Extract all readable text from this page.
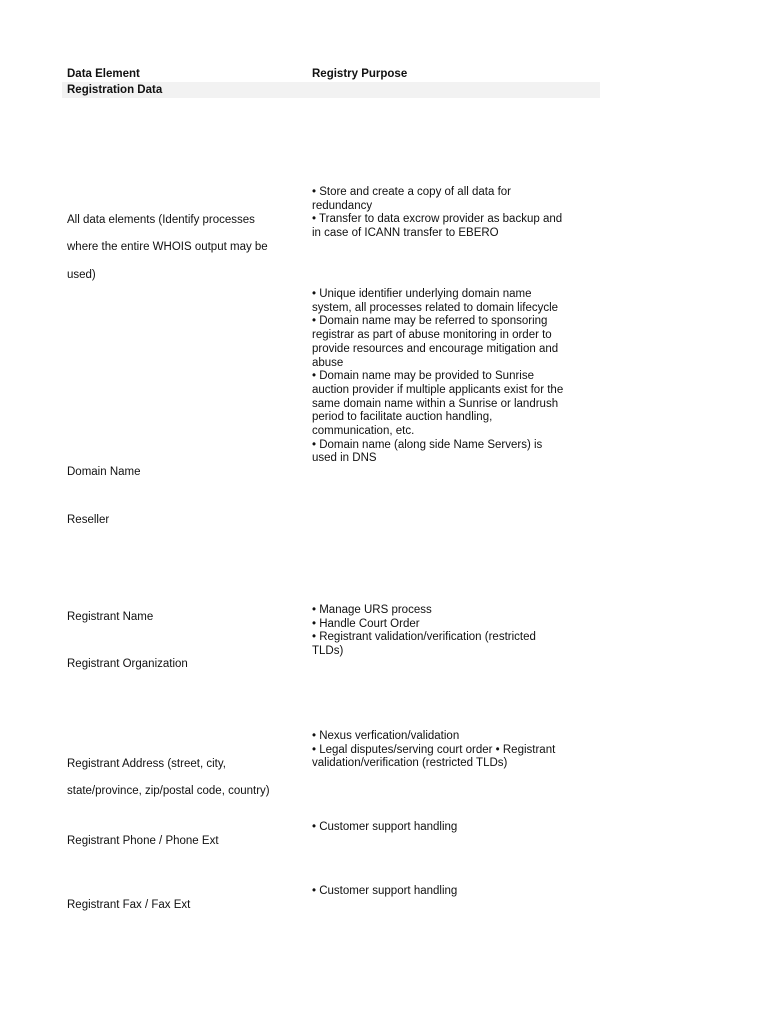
Data Element	Registry Purpose
Registration Data

All data elements (Identify processes

where the entire WHOIS output may be

used)

• Store and create a copy of all data for
redundancy
• Transfer to data excrow provider as backup and
in case of ICANN transfer to EBERO

Domain Name

• Unique identifier underlying domain name
system, all processes related to domain lifecycle
• Domain name may be referred to sponsoring
registrar as part of abuse monitoring in order to
provide resources and encourage mitigation and
abuse
• Domain name may be provided to Sunrise
auction provider if multiple applicants exist for the
same domain name within a Sunrise or landrush
period to facilitate auction handling,
communication, etc.
• Domain name (along side Name Servers) is
used in DNS

Reseller

Registrant Name

Registrant Organization

• Manage URS process
• Handle Court Order
• Registrant validation/verification (restricted
TLDs)

Registrant Address (street, city,

state/province, zip/postal code, country)

• Nexus verfication/validation
• Legal disputes/serving court order • Registrant
validation/verification (restricted TLDs)

Registrant Phone / Phone Ext

• Customer support handling

Registrant Fax / Fax Ext

• Customer support handling
